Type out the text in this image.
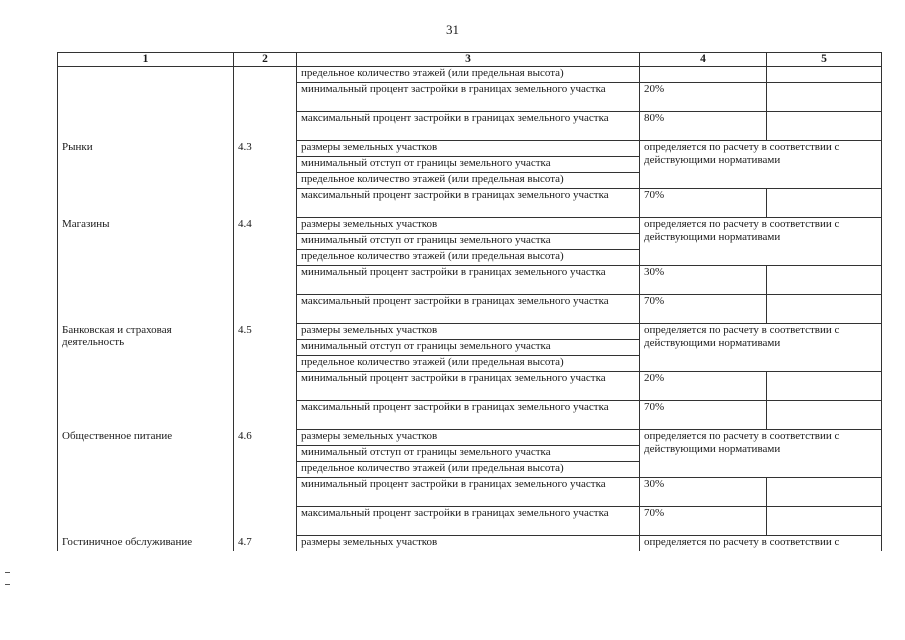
31
1	2	3	4	5
		предельное количество этажей (или предельная высота)		
		минимальный процент застройки в границах земельного участка	20%	
		максимальный процент застройки в границах земельного участка	80%	
Рынки	4.3	размеры земельных участков	определяется по расчету в соответствии с действующими нормативами	
		минимальный отступ от границы земельного участка		
		предельное количество этажей (или предельная высота)		
		максимальный процент застройки в границах земельного участка	70%	
Магазины	4.4	размеры земельных участков	определяется по расчету в соответствии с действующими нормативами	
		минимальный отступ от границы земельного участка		
		предельное количество этажей (или предельная высота)		
		минимальный процент застройки в границах земельного участка	30%	
		максимальный процент застройки в границах земельного участка	70%	
Банковская и страховая деятельность	4.5	размеры земельных участков	определяется по расчету в соответствии с действующими нормативами	
		минимальный отступ от границы земельного участка		
		предельное количество этажей (или предельная высота)		
		минимальный процент застройки в границах земельного участка	20%	
		максимальный процент застройки в границах земельного участка	70%	
Общественное питание	4.6	размеры земельных участков	определяется по расчету в соответствии с действующими нормативами	
		минимальный отступ от границы земельного участка		
		предельное количество этажей (или предельная высота)		
		минимальный процент застройки в границах земельного участка	30%	
		максимальный процент застройки в границах земельного участка	70%	
Гостиничное обслуживание	4.7	размеры земельных участков	определяется по расчету в соответствии с	
